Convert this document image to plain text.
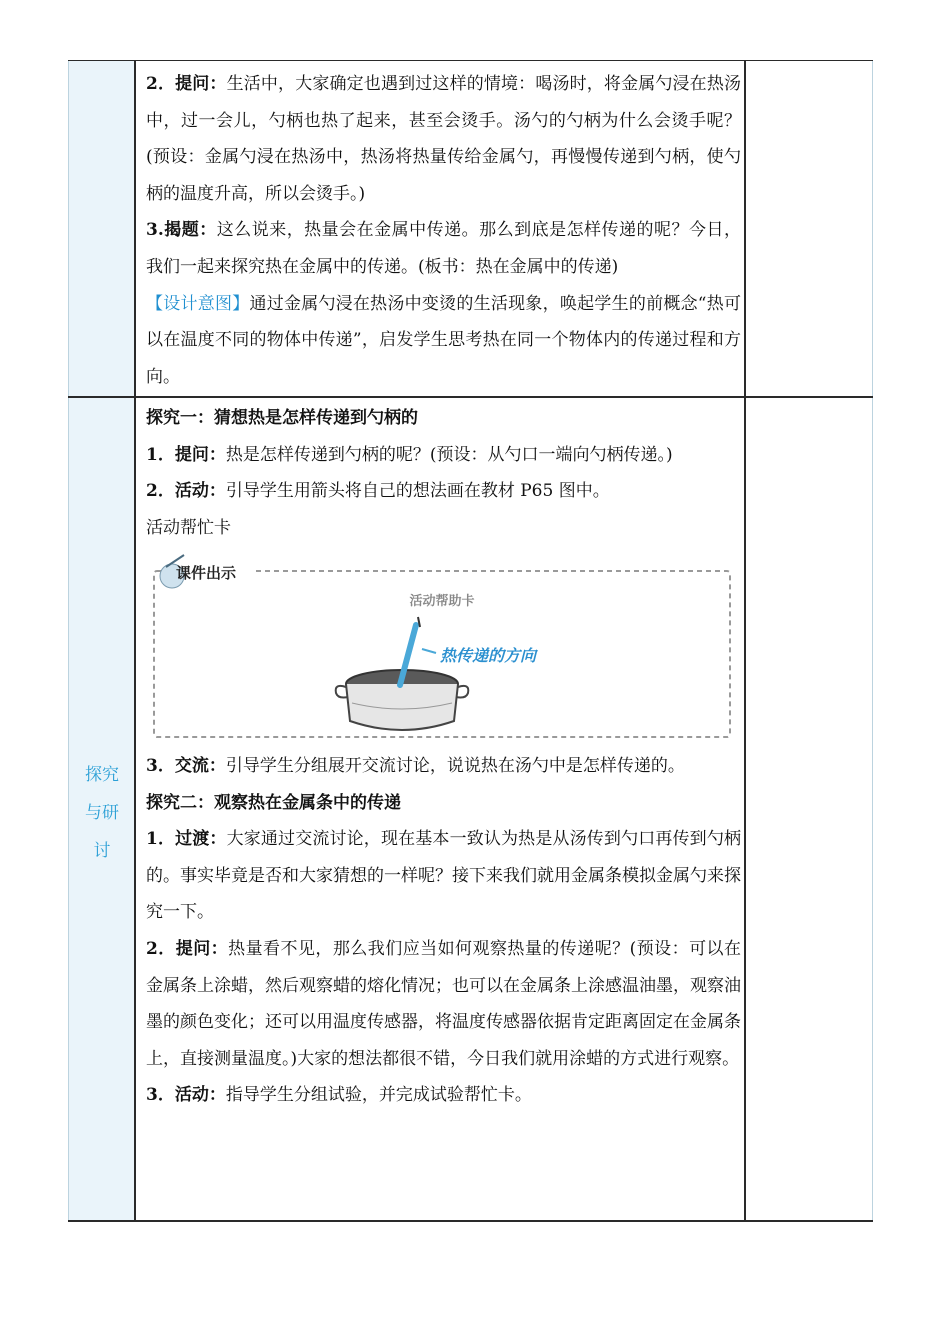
2．提问：生活中，大家确定也遇到过这样的情境：喝汤时，将金属勺浸在热汤中，过一会儿，勺柄也热了起来，甚至会烫手。汤勺的勺柄为什么会烫手呢？(预设：金属勺浸在热汤中，热汤将热量传给金属勺，再慢慢传递到勺柄，使勺柄的温度升高，所以会烫手。)

3.揭题：这么说来，热量会在金属中传递。那么到底是怎样传递的呢？今日，我们一起来探究热在金属中的传递。(板书：热在金属中的传递)

【设计意图】通过金属勺浸在热汤中变烫的生活现象，唤起学生的前概念“热可以在温度不同的物体中传递”，启发学生思考热在同一个物体内的传递过程和方向。

探究
与研
讨

探究一：猜想热是怎样传递到勺柄的

1．提问：热是怎样传递到勺柄的呢？(预设：从勺口一端向勺柄传递。)

2．活动：引导学生用箭头将自己的想法画在教材 P65 图中。

活动帮忙卡

3．交流：引导学生分组展开交流讨论，说说热在汤勺中是怎样传递的。

探究二：观察热在金属条中的传递

1．过渡：大家通过交流讨论，现在基本一致认为热是从汤传到勺口再传到勺柄的。事实毕竟是否和大家猜想的一样呢？接下来我们就用金属条模拟金属勺来探究一下。

2．提问：热量看不见，那么我们应当如何观察热量的传递呢？(预设：可以在金属条上涂蜡，然后观察蜡的熔化情况；也可以在金属条上涂感温油墨，观察油墨的颜色变化；还可以用温度传感器，将温度传感器依据肯定距离固定在金属条上，直接测量温度。)大家的想法都很不错，今日我们就用涂蜡的方式进行观察。

3．活动：指导学生分组试验，并完成试验帮忙卡。

课件出示
活动帮助卡
热传递的方向
